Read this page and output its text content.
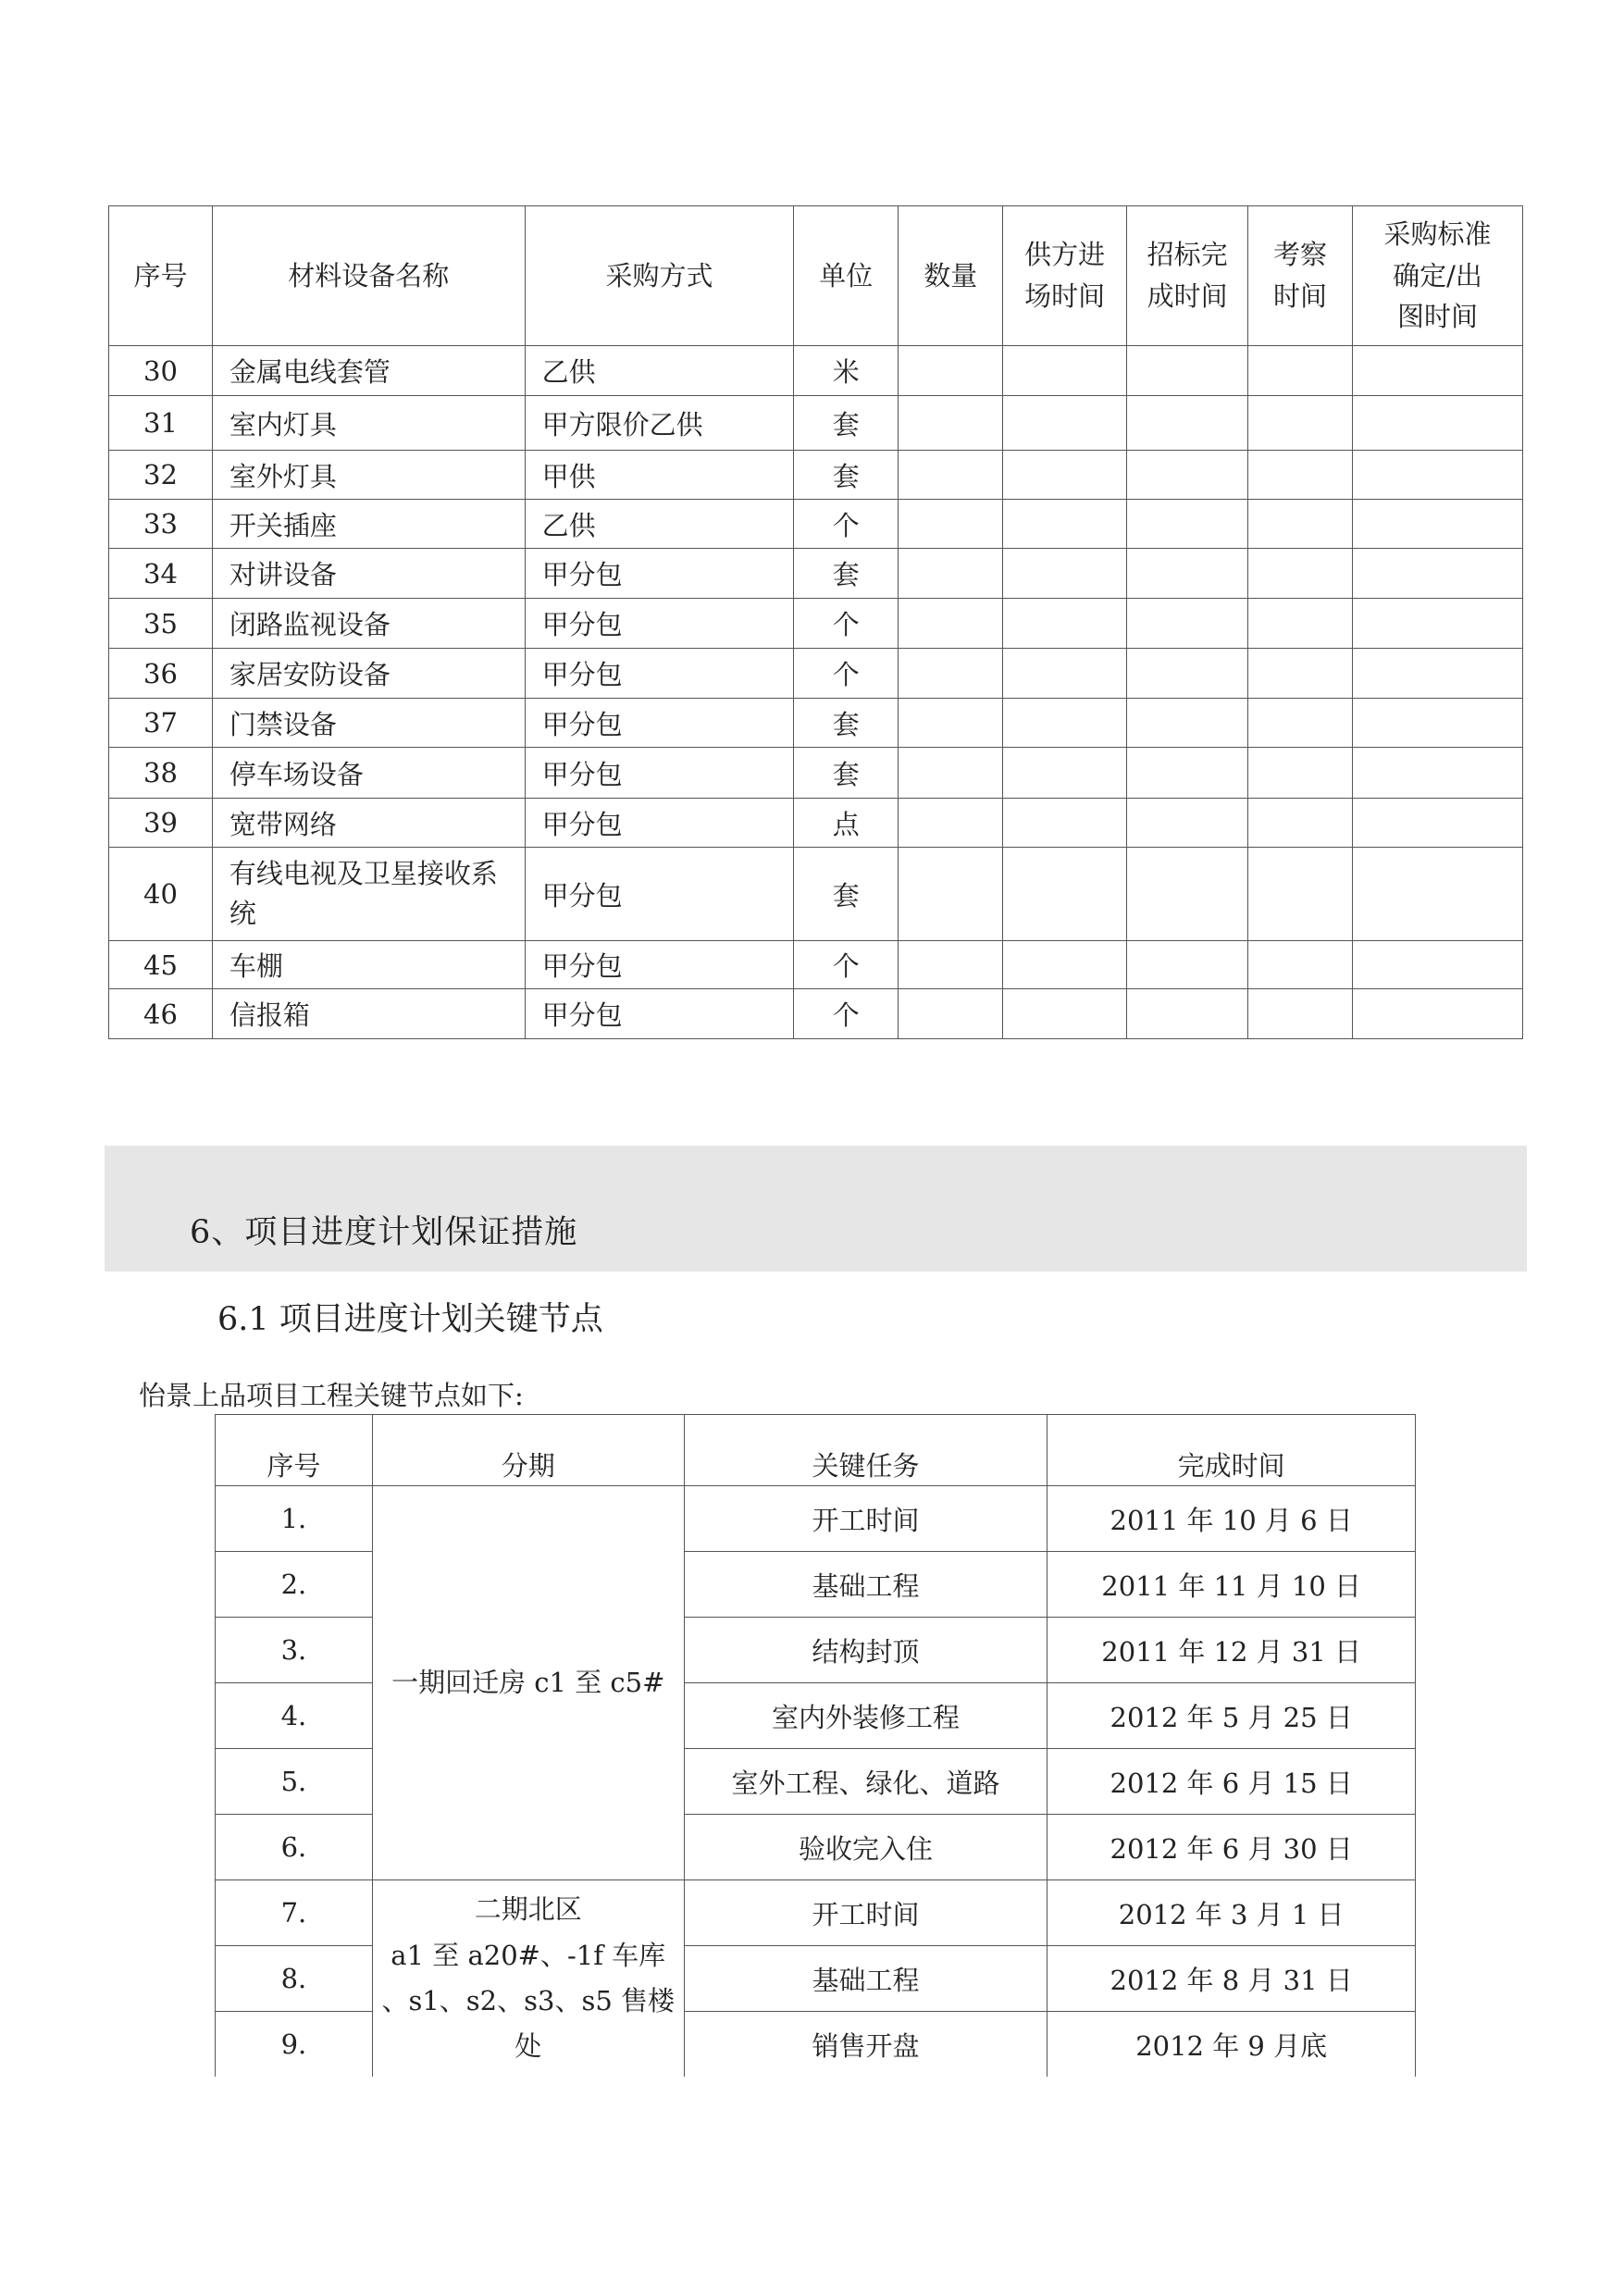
序号	材料设备名称	采购方式	单位	数量	供方进场时间	招标完成时间	考察时间	采购标准确定/出图时间

30	金属电线套管	乙供	米					
31	室内灯具	甲方限价乙供	套					
32	室外灯具	甲供	套					
33	开关插座	乙供	个					
34	对讲设备	甲分包	套					
35	闭路监视设备	甲分包	个					
36	家居安防设备	甲分包	个					
37	门禁设备	甲分包	套					
38	停车场设备	甲分包	套					
39	宽带网络	甲分包	点					
40	有线电视及卫星接收系统	甲分包	套					
45	车棚	甲分包	个					
46	信报箱	甲分包	个					
6、项目进度计划保证措施
6.1 项目进度计划关键节点
怡景上品项目工程关键节点如下:
序号	分期	关键任务	完成时间
1.	一期回迁房 c1 至 c5#	开工时间	2011 年 10 月 6 日
2.		基础工程	2011 年 11 月 10 日
3.		结构封顶	2011 年 12 月 31 日
4.		室内外装修工程	2012 年 5 月 25 日
5.		室外工程、绿化、道路	2012 年 6 月 15 日
6.		验收完入住	2012 年 6 月 30 日
7.	二期北区
a1 至 a20#、-1f 车库
、s1、s2、s3、s5 售楼
处	开工时间	2012 年 3 月 1 日
8.		基础工程	2012 年 8 月 31 日
9.		销售开盘	2012 年 9 月底
